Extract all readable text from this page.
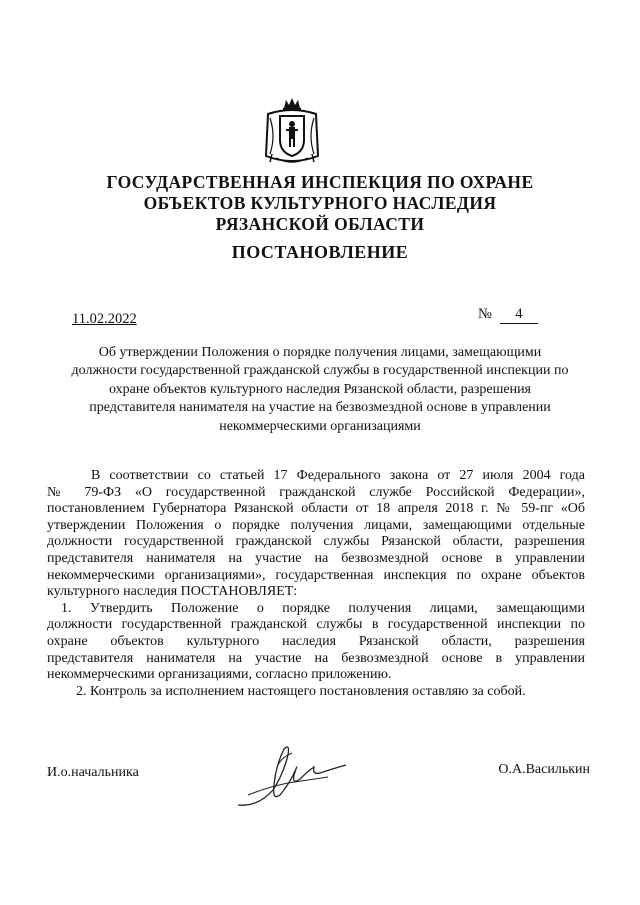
ГОСУДАРСТВЕННАЯ ИНСПЕКЦИЯ ПО ОХРАНЕ
ОБЪЕКТОВ КУЛЬТУРНОГО НАСЛЕДИЯ
РЯЗАНСКОЙ ОБЛАСТИ
ПОСТАНОВЛЕНИЕ
11.02.2022	№ 4
Об утверждении Положения о порядке получения лицами, замещающими
должности государственной гражданской службы в государственной инспекции по
охране объектов культурного наследия Рязанской области, разрешения
представителя нанимателя на участие на безвозмездной основе в управлении
некоммерческими организациями
В соответствии со статьей 17 Федерального закона от 27 июля 2004 года
№ 79-ФЗ «О государственной гражданской службе Российской Федерации»,
постановлением Губернатора Рязанской области от 18 апреля 2018 г. № 59-пг «Об
утверждении Положения о порядке получения лицами, замещающими отдельные
должности государственной гражданской службы Рязанской области, разрешения
представителя нанимателя на участие на безвозмездной основе в управлении
некоммерческими организациями», государственная инспекция по охране объектов
культурного наследия ПОСТАНОВЛЯЕТ:
1. Утвердить Положение о порядке получения лицами, замещающими
должности государственной гражданской службы в государственной инспекции по
охране объектов культурного наследия Рязанской области, разрешения
представителя нанимателя на участие на безвозмездной основе в управлении
некоммерческими организациями, согласно приложению.
2. Контроль за исполнением настоящего постановления оставляю за собой.
И.о.начальника	О.А.Василькин
